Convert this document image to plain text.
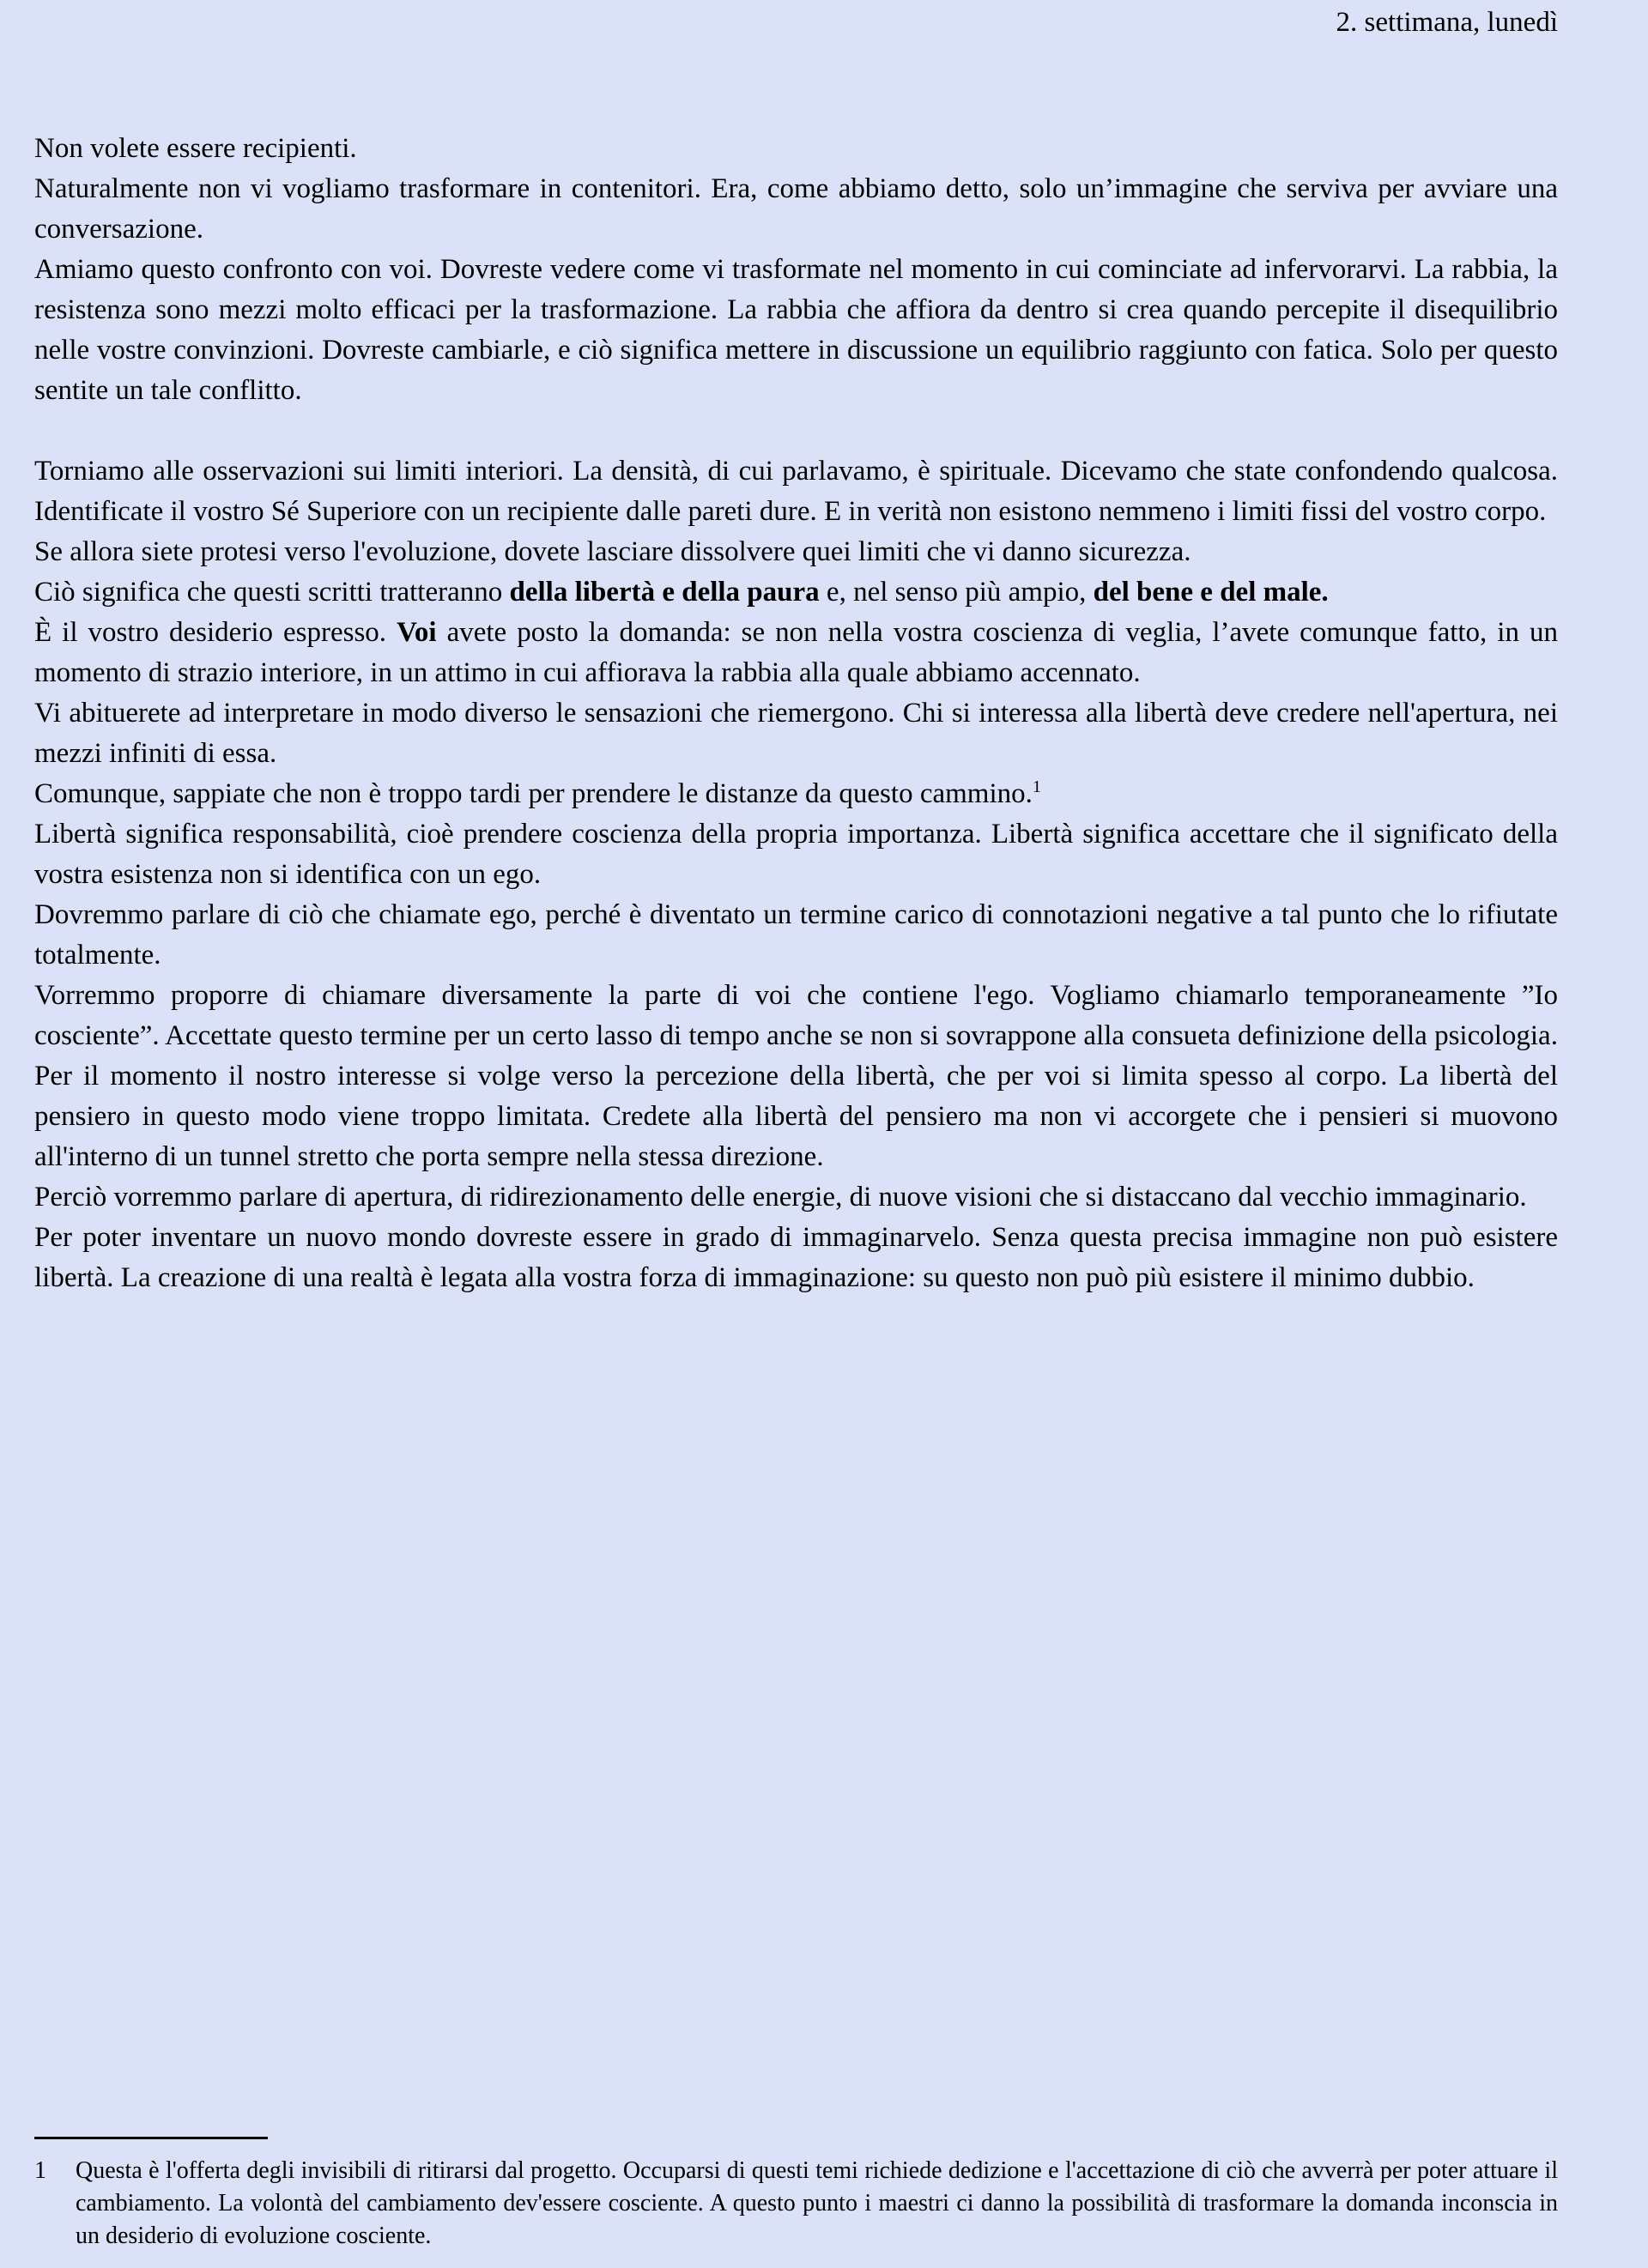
2. settimana, lunedì

Non volete essere recipienti.

Naturalmente non vi vogliamo trasformare in contenitori. Era, come abbiamo detto, solo un’immagine che serviva per avviare una conversazione.

Amiamo questo confronto con voi. Dovreste vedere come vi trasformate nel momento in cui cominciate ad infervorarvi. La rabbia, la resistenza sono mezzi molto efficaci per la trasformazione. La rabbia che affiora da dentro si crea quando percepite il disequilibrio nelle vostre convinzioni. Dovreste cambiarle, e ciò significa mettere in discussione un equilibrio raggiunto con fatica. Solo per questo sentite un tale conflitto.

Torniamo alle osservazioni sui limiti interiori. La densità, di cui parlavamo, è spirituale. Dicevamo che state confondendo qualcosa. Identificate il vostro Sé Superiore con un recipiente dalle pareti dure. E in verità non esistono nemmeno i limiti fissi del vostro corpo.

Se allora siete protesi verso l'evoluzione, dovete lasciare dissolvere quei limiti che vi danno sicurezza.

Ciò significa che questi scritti tratteranno della libertà e della paura e, nel senso più ampio, del bene e del male.

È il vostro desiderio espresso. Voi avete posto la domanda: se non nella vostra coscienza di veglia, l’avete comunque fatto, in un momento di strazio interiore, in un attimo in cui affiorava la rabbia alla quale abbiamo accennato.

Vi abituerete ad interpretare in modo diverso le sensazioni che riemergono. Chi si interessa alla libertà deve credere nell'apertura, nei mezzi infiniti di essa.

Comunque, sappiate che non è troppo tardi per prendere le distanze da questo cammino.$^1$

Libertà significa responsabilità, cioè prendere coscienza della propria importanza. Libertà significa accettare che il significato della vostra esistenza non si identifica con un ego.

Dovremmo parlare di ciò che chiamate ego, perché è diventato un termine carico di connotazioni negative a tal punto che lo rifiutate totalmente.

Vorremmo proporre di chiamare diversamente la parte di voi che contiene l'ego. Vogliamo chiamarlo temporaneamente ”Io cosciente”. Accettate questo termine per un certo lasso di tempo anche se non si sovrappone alla consueta definizione della psicologia.

Per il momento il nostro interesse si volge verso la percezione della libertà, che per voi si limita spesso al corpo. La libertà del pensiero in questo modo viene troppo limitata. Credete alla libertà del pensiero ma non vi accorgete che i pensieri si muovono all'interno di un tunnel stretto che porta sempre nella stessa direzione.

Perciò vorremmo parlare di apertura, di ridirezionamento delle energie, di nuove visioni che si distaccano dal vecchio immaginario.

Per poter inventare un nuovo mondo dovreste essere in grado di immaginarvelo. Senza questa precisa immagine non può esistere libertà. La creazione di una realtà è legata alla vostra forza di immaginazione: su questo non può più esistere il minimo dubbio.

1	Questa è l'offerta degli invisibili di ritirarsi dal progetto. Occuparsi di questi temi richiede dedizione e l'accettazione di ciò che avverrà per poter attuare il cambiamento. La volontà del cambiamento dev'essere cosciente. A questo punto i maestri ci danno la possibilità di trasformare la domanda inconscia in un desiderio di evoluzione cosciente.
